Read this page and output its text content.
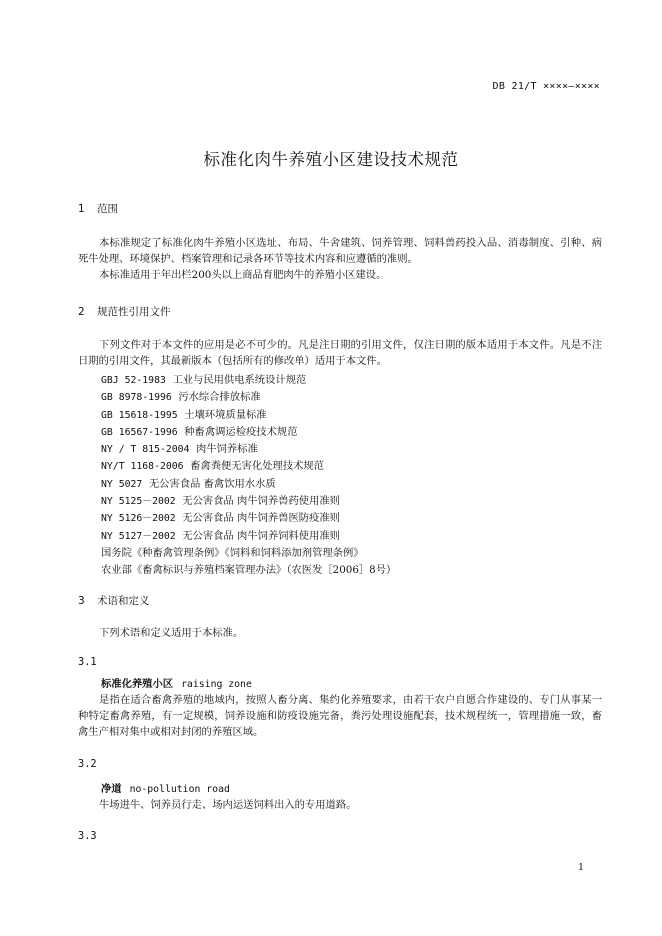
DB 21/T ××××—××××
标准化肉牛养殖小区建设技术规范
1 范围
本标准规定了标准化肉牛养殖小区选址、布局、牛舍建筑、饲养管理、饲料兽药投入品、消毒制度、引种、病死牛处理、环境保护、档案管理和记录各环节等技术内容和应遵循的准则。
本标准适用于年出栏200头以上商品育肥肉牛的养殖小区建设。
2 规范性引用文件
下列文件对于本文件的应用是必不可少的。凡是注日期的引用文件，仅注日期的版本适用于本文件。凡是不注日期的引用文件，其最新版本（包括所有的修改单）适用于本文件。
GBJ 52-1983 工业与民用供电系统设计规范
GB 8978-1996 污水综合排放标准
GB 15618-1995 土壤环境质量标准
GB 16567-1996 种畜禽调运检疫技术规范
NY / T 815-2004 肉牛饲养标准
NY/T 1168-2006 畜禽粪便无害化处理技术规范
NY 5027 无公害食品 畜禽饮用水水质
NY 5125－2002 无公害食品 肉牛饲养兽药使用准则
NY 5126－2002 无公害食品 肉牛饲养兽医防疫准则
NY 5127－2002 无公害食品 肉牛饲养饲料使用准则
国务院《种畜禽管理条例》《饲料和饲料添加剂管理条例》
农业部《畜禽标识与养殖档案管理办法》（农医发［2006］8号）
3 术语和定义
下列术语和定义适用于本标准。
3.1
标准化养殖小区 raising zone
是指在适合畜禽养殖的地域内，按照人畜分离、集约化养殖要求，由若干农户自愿合作建设的、专门从事某一种特定畜禽养殖，有一定规模，饲养设施和防疫设施完备，粪污处理设施配套，技术规程统一，管理措施一致，畜禽生产相对集中或相对封闭的养殖区域。
3.2
净道 no-pollution road
牛场进牛、饲养员行走、场内运送饲料出入的专用道路。
3.3
1
